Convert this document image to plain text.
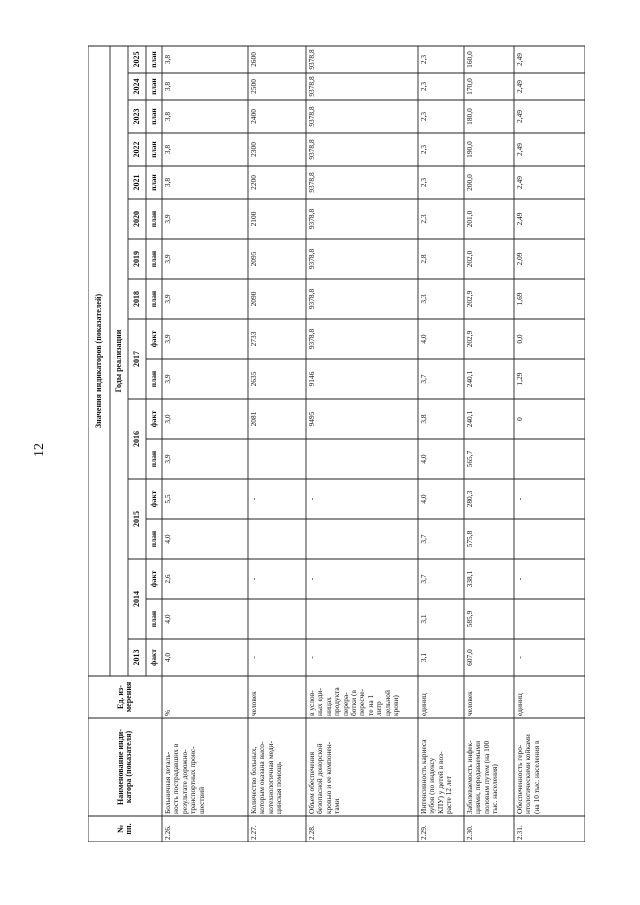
12
№
пп.
Наименование инди-
катора (показателя)
Ед. из-
мерения
Значения индикаторов (показателей)	Годы реализации
2013
2014
2015
2016
2017
2018
2019
2020
2021
2022
2023
2024
2025
факт
план
факт
план
факт
план
факт
план
факт
план
план
план
план
план
план
план
план
2.26.
Больничная леталь-
ность пострадавших в
результате дорожно-
транспортных проис-
шествий
%
4,0
4,0
2,6
4,0
5,5
3,9
3,0
3,9
3,9
3,9
3,9
3,9
3,8
3,8
3,8
3,8
3,8
2.27.
Количество больных,
которым оказана высо-
котехнологичная меди-
цинская помощь
человек
-
-
-
2081
2635
2733
2090
2095
2100
2200
2300
2400
2500
2600
2.28.
Объем обеспечения
безопасной донорской
кровью и ее компонен-
тами
в услов-
ных еди-
ницах
продукта
перера-
ботки (в
пересче-
те на 1
литр
цельной
крови)
-
-
-
9495
9146
9378,8
9378,8
9378,8
9378,8
9378,8
9378,8
9378,8
9378,8
9378,8
2.29.
Интенсивность кариеса
зубов (по индексу
КПУ) у детей в воз-
расте 12 лет
единиц
3,1
3,1
3,7
3,7
4,0
4,0
3,8
3,7
4,0
3,3
2,8
2,3
2,3
2,3
2,3
2,3
2,3
2.30.
Заболеваемость инфек-
циями, передаваемыми
половым путем (на 100
тыс. населения)
человек
607,0
585,9
338,1
575,8
280,3
565,7
240,1
240,1
202,9
202,9
202,0
201,0
200,0
190,0
180,0
170,0
160,0
2.31.
Обеспеченность геро-
нтологическими койками
(на 10 тыс. населения в
единиц
-
-
-
0
1,29
0,0
1,69
2,09
2,49
2,49
2,49
2,49
2,49
2,49
